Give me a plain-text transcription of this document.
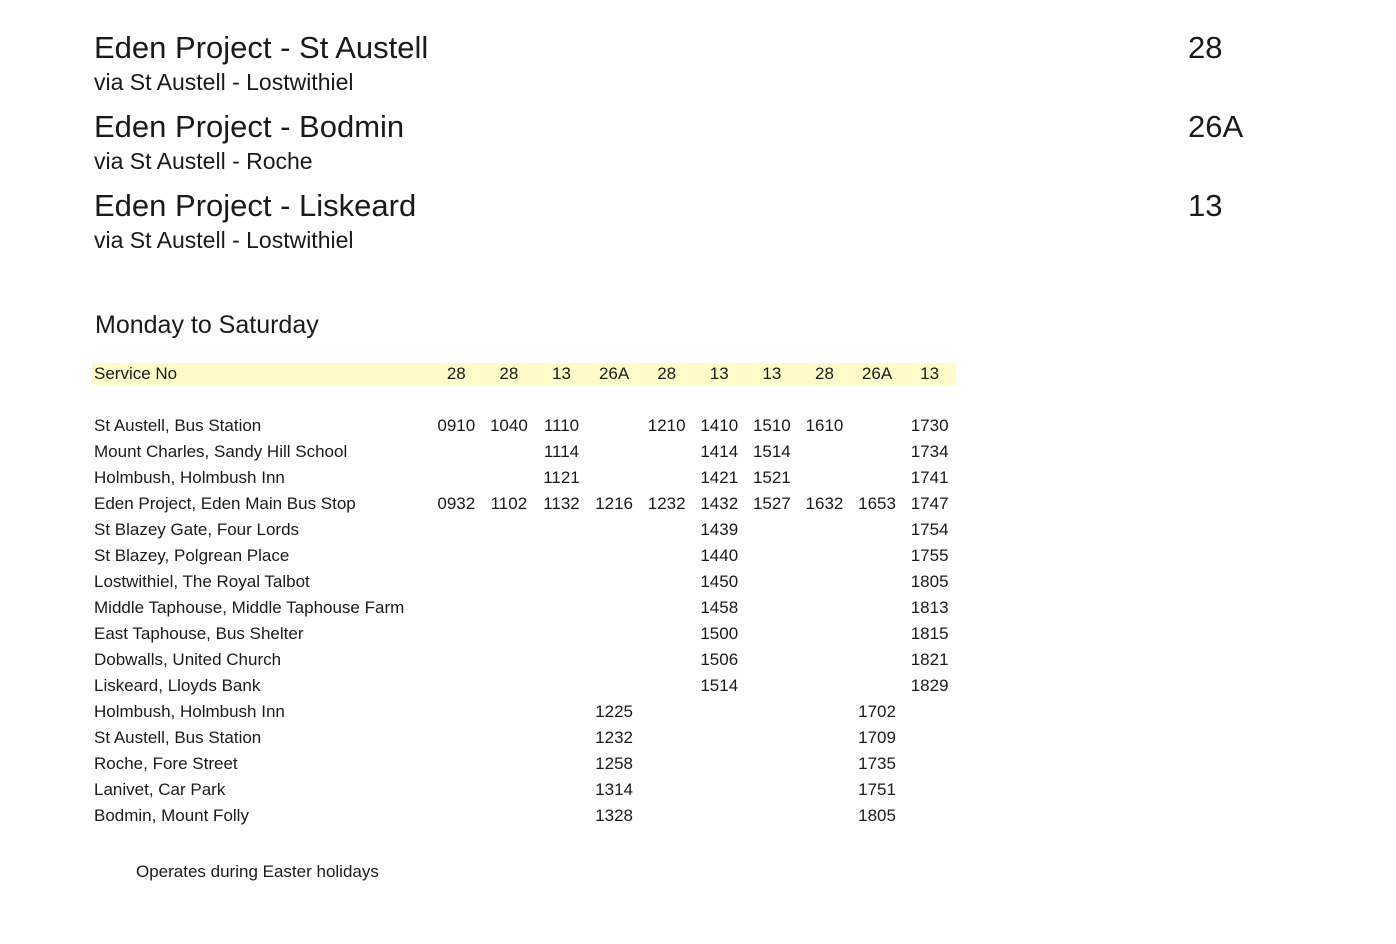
Eden Project - St Austell
via St Austell - Lostwithiel
28
Eden Project - Bodmin
via St Austell - Roche
26A
Eden Project - Liskeard
via St Austell - Lostwithiel
13
Monday to Saturday
Service No	28	28	13	26A	28	13	13	28	26A	13

St Austell, Bus Station	0910	1040	1110		1210	1410	1510	1610		1730
Mount Charles, Sandy Hill School			1114			1414	1514			1734
Holmbush, Holmbush Inn			1121			1421	1521			1741
Eden Project, Eden Main Bus Stop	0932	1102	1132	1216	1232	1432	1527	1632	1653	1747
St Blazey Gate, Four Lords						1439				1754
St Blazey, Polgrean Place						1440				1755
Lostwithiel, The Royal Talbot						1450				1805
Middle Taphouse, Middle Taphouse Farm						1458				1813
East Taphouse, Bus Shelter						1500				1815
Dobwalls, United Church						1506				1821
Liskeard, Lloyds Bank						1514				1829
Holmbush, Holmbush Inn				1225					1702	
St Austell, Bus Station				1232					1709	
Roche, Fore Street				1258					1735	
Lanivet, Car Park				1314					1751	
Bodmin, Mount Folly				1328					1805	
Operates during Easter holidays
